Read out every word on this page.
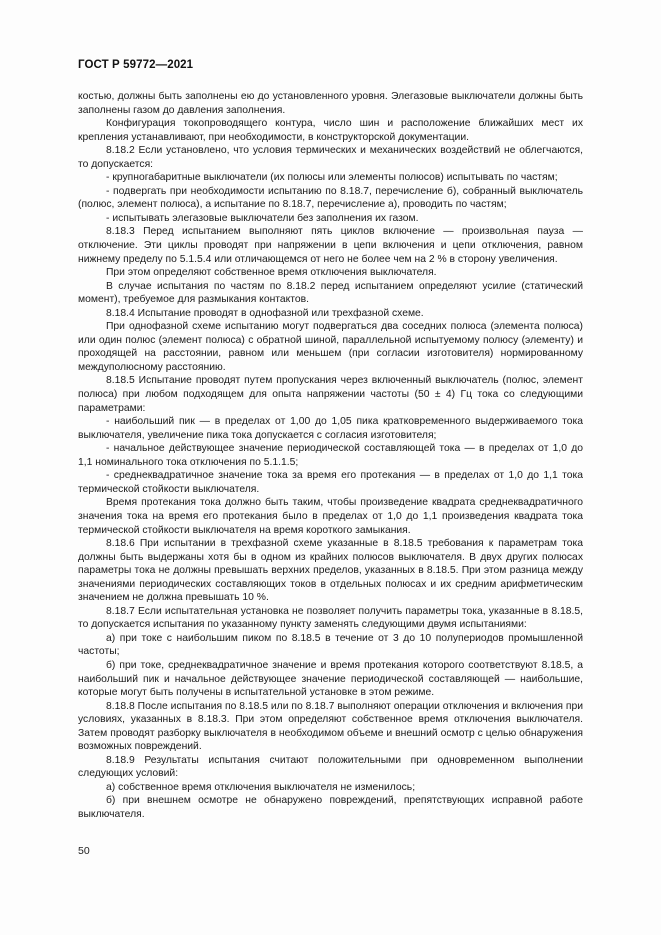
ГОСТ Р 59772—2021

костью, должны быть заполнены ею до установленного уровня. Элегазовые выключатели должны быть заполнены газом до давления заполнения.

Конфигурация токопроводящего контура, число шин и расположение ближайших мест их крепления устанавливают, при необходимости, в конструкторской документации.

8.18.2 Если установлено, что условия термических и механических воздействий не облегчаются, то допускается:

- крупногабаритные выключатели (их полюсы или элементы полюсов) испытывать по частям;

- подвергать при необходимости испытанию по 8.18.7, перечисление б), собранный выключатель (полюс, элемент полюса), а испытание по 8.18.7, перечисление а), проводить по частям;

- испытывать элегазовые выключатели без заполнения их газом.

8.18.3 Перед испытанием выполняют пять циклов включение — произвольная пауза — отключение. Эти циклы проводят при напряжении в цепи включения и цепи отключения, равном нижнему пределу по 5.1.5.4 или отличающемся от него не более чем на 2 % в сторону увеличения.

При этом определяют собственное время отключения выключателя.

В случае испытания по частям по 8.18.2 перед испытанием определяют усилие (статический момент), требуемое для размыкания контактов.

8.18.4 Испытание проводят в однофазной или трехфазной схеме.

При однофазной схеме испытанию могут подвергаться два соседних полюса (элемента полюса) или один полюс (элемент полюса) с обратной шиной, параллельной испытуемому полюсу (элементу) и проходящей на расстоянии, равном или меньшем (при согласии изготовителя) нормированному междуполюсному расстоянию.

8.18.5 Испытание проводят путем пропускания через включенный выключатель (полюс, элемент полюса) при любом подходящем для опыта напряжении частоты (50 ± 4) Гц тока со следующими параметрами:

- наибольший пик — в пределах от 1,00 до 1,05 пика кратковременного выдерживаемого тока выключателя, увеличение пика тока допускается с согласия изготовителя;

- начальное действующее значение периодической составляющей тока — в пределах от 1,0 до 1,1 номинального тока отключения по 5.1.1.5;

- среднеквадратичное значение тока за время его протекания — в пределах от 1,0 до 1,1 тока термической стойкости выключателя.

Время протекания тока должно быть таким, чтобы произведение квадрата среднеквадратичного значения тока на время его протекания было в пределах от 1,0 до 1,1 произведения квадрата тока термической стойкости выключателя на время короткого замыкания.

8.18.6 При испытании в трехфазной схеме указанные в 8.18.5 требования к параметрам тока должны быть выдержаны хотя бы в одном из крайних полюсов выключателя. В двух других полюсах параметры тока не должны превышать верхних пределов, указанных в 8.18.5. При этом разница между значениями периодических составляющих токов в отдельных полюсах и их средним арифметическим значением не должна превышать 10 %.

8.18.7 Если испытательная установка не позволяет получить параметры тока, указанные в 8.18.5, то допускается испытания по указанному пункту заменять следующими двумя испытаниями:

а) при токе с наибольшим пиком по 8.18.5 в течение от 3 до 10 полупериодов промышленной частоты;

б) при токе, среднеквадратичное значение и время протекания которого соответствуют 8.18.5, а наибольший пик и начальное действующее значение периодической составляющей — наибольшие, которые могут быть получены в испытательной установке в этом режиме.

8.18.8 После испытания по 8.18.5 или по 8.18.7 выполняют операции отключения и включения при условиях, указанных в 8.18.3. При этом определяют собственное время отключения выключателя. Затем проводят разборку выключателя в необходимом объеме и внешний осмотр с целью обнаружения возможных повреждений.

8.18.9 Результаты испытания считают положительными при одновременном выполнении следующих условий:

а) собственное время отключения выключателя не изменилось;

б) при внешнем осмотре не обнаружено повреждений, препятствующих исправной работе выключателя.

50
